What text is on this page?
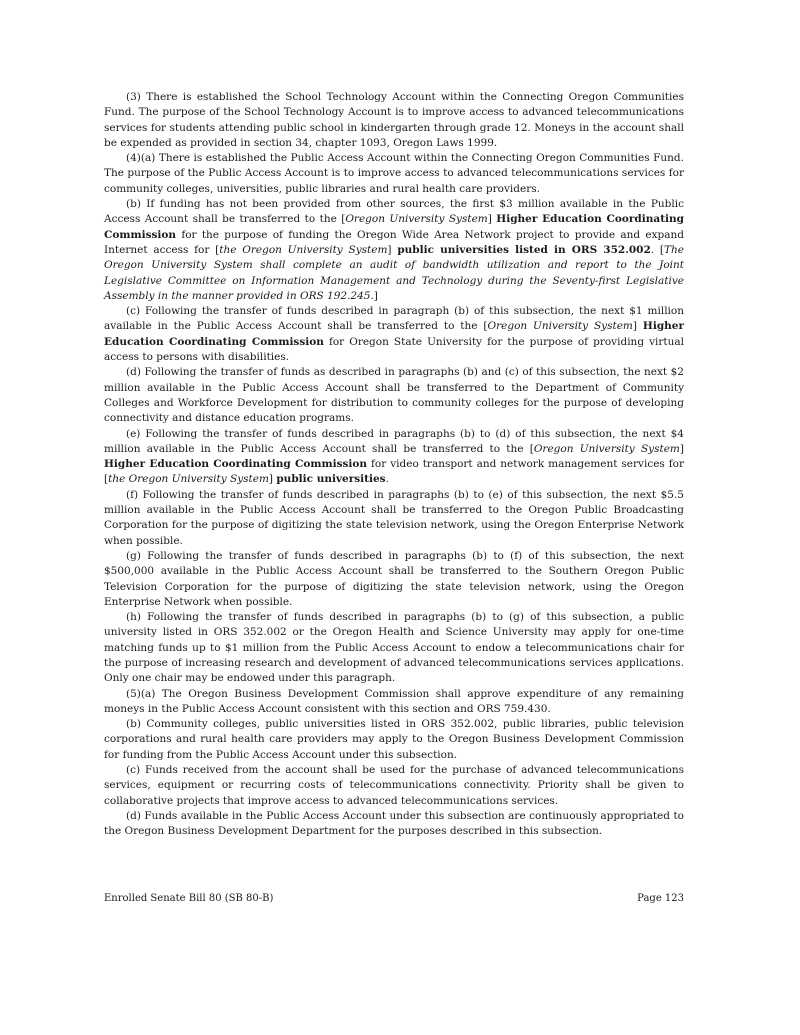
(3) There is established the School Technology Account within the Connecting Oregon Communities Fund. The purpose of the School Technology Account is to improve access to advanced telecommunications services for students attending public school in kindergarten through grade 12. Moneys in the account shall be expended as provided in section 34, chapter 1093, Oregon Laws 1999.

(4)(a) There is established the Public Access Account within the Connecting Oregon Communities Fund. The purpose of the Public Access Account is to improve access to advanced telecommunications services for community colleges, universities, public libraries and rural health care providers.

(b) If funding has not been provided from other sources, the first $3 million available in the Public Access Account shall be transferred to the [Oregon University System] Higher Education Coordinating Commission for the purpose of funding the Oregon Wide Area Network project to provide and expand Internet access for [the Oregon University System] public universities listed in ORS 352.002. [The Oregon University System shall complete an audit of bandwidth utilization and report to the Joint Legislative Committee on Information Management and Technology during the Seventy-first Legislative Assembly in the manner provided in ORS 192.245.]

(c) Following the transfer of funds described in paragraph (b) of this subsection, the next $1 million available in the Public Access Account shall be transferred to the [Oregon University System] Higher Education Coordinating Commission for Oregon State University for the purpose of providing virtual access to persons with disabilities.

(d) Following the transfer of funds as described in paragraphs (b) and (c) of this subsection, the next $2 million available in the Public Access Account shall be transferred to the Department of Community Colleges and Workforce Development for distribution to community colleges for the purpose of developing connectivity and distance education programs.

(e) Following the transfer of funds described in paragraphs (b) to (d) of this subsection, the next $4 million available in the Public Access Account shall be transferred to the [Oregon University System] Higher Education Coordinating Commission for video transport and network management services for [the Oregon University System] public universities.

(f) Following the transfer of funds described in paragraphs (b) to (e) of this subsection, the next $5.5 million available in the Public Access Account shall be transferred to the Oregon Public Broadcasting Corporation for the purpose of digitizing the state television network, using the Oregon Enterprise Network when possible.

(g) Following the transfer of funds described in paragraphs (b) to (f) of this subsection, the next $500,000 available in the Public Access Account shall be transferred to the Southern Oregon Public Television Corporation for the purpose of digitizing the state television network, using the Oregon Enterprise Network when possible.

(h) Following the transfer of funds described in paragraphs (b) to (g) of this subsection, a public university listed in ORS 352.002 or the Oregon Health and Science University may apply for one-time matching funds up to $1 million from the Public Access Account to endow a telecommunications chair for the purpose of increasing research and development of advanced telecommunications services applications. Only one chair may be endowed under this paragraph.

(5)(a) The Oregon Business Development Commission shall approve expenditure of any remaining moneys in the Public Access Account consistent with this section and ORS 759.430.

(b) Community colleges, public universities listed in ORS 352.002, public libraries, public television corporations and rural health care providers may apply to the Oregon Business Development Commission for funding from the Public Access Account under this subsection.

(c) Funds received from the account shall be used for the purchase of advanced telecommunications services, equipment or recurring costs of telecommunications connectivity. Priority shall be given to collaborative projects that improve access to advanced telecommunications services.

(d) Funds available in the Public Access Account under this subsection are continuously appropriated to the Oregon Business Development Department for the purposes described in this subsection.

Enrolled Senate Bill 80 (SB 80-B)	Page 123
